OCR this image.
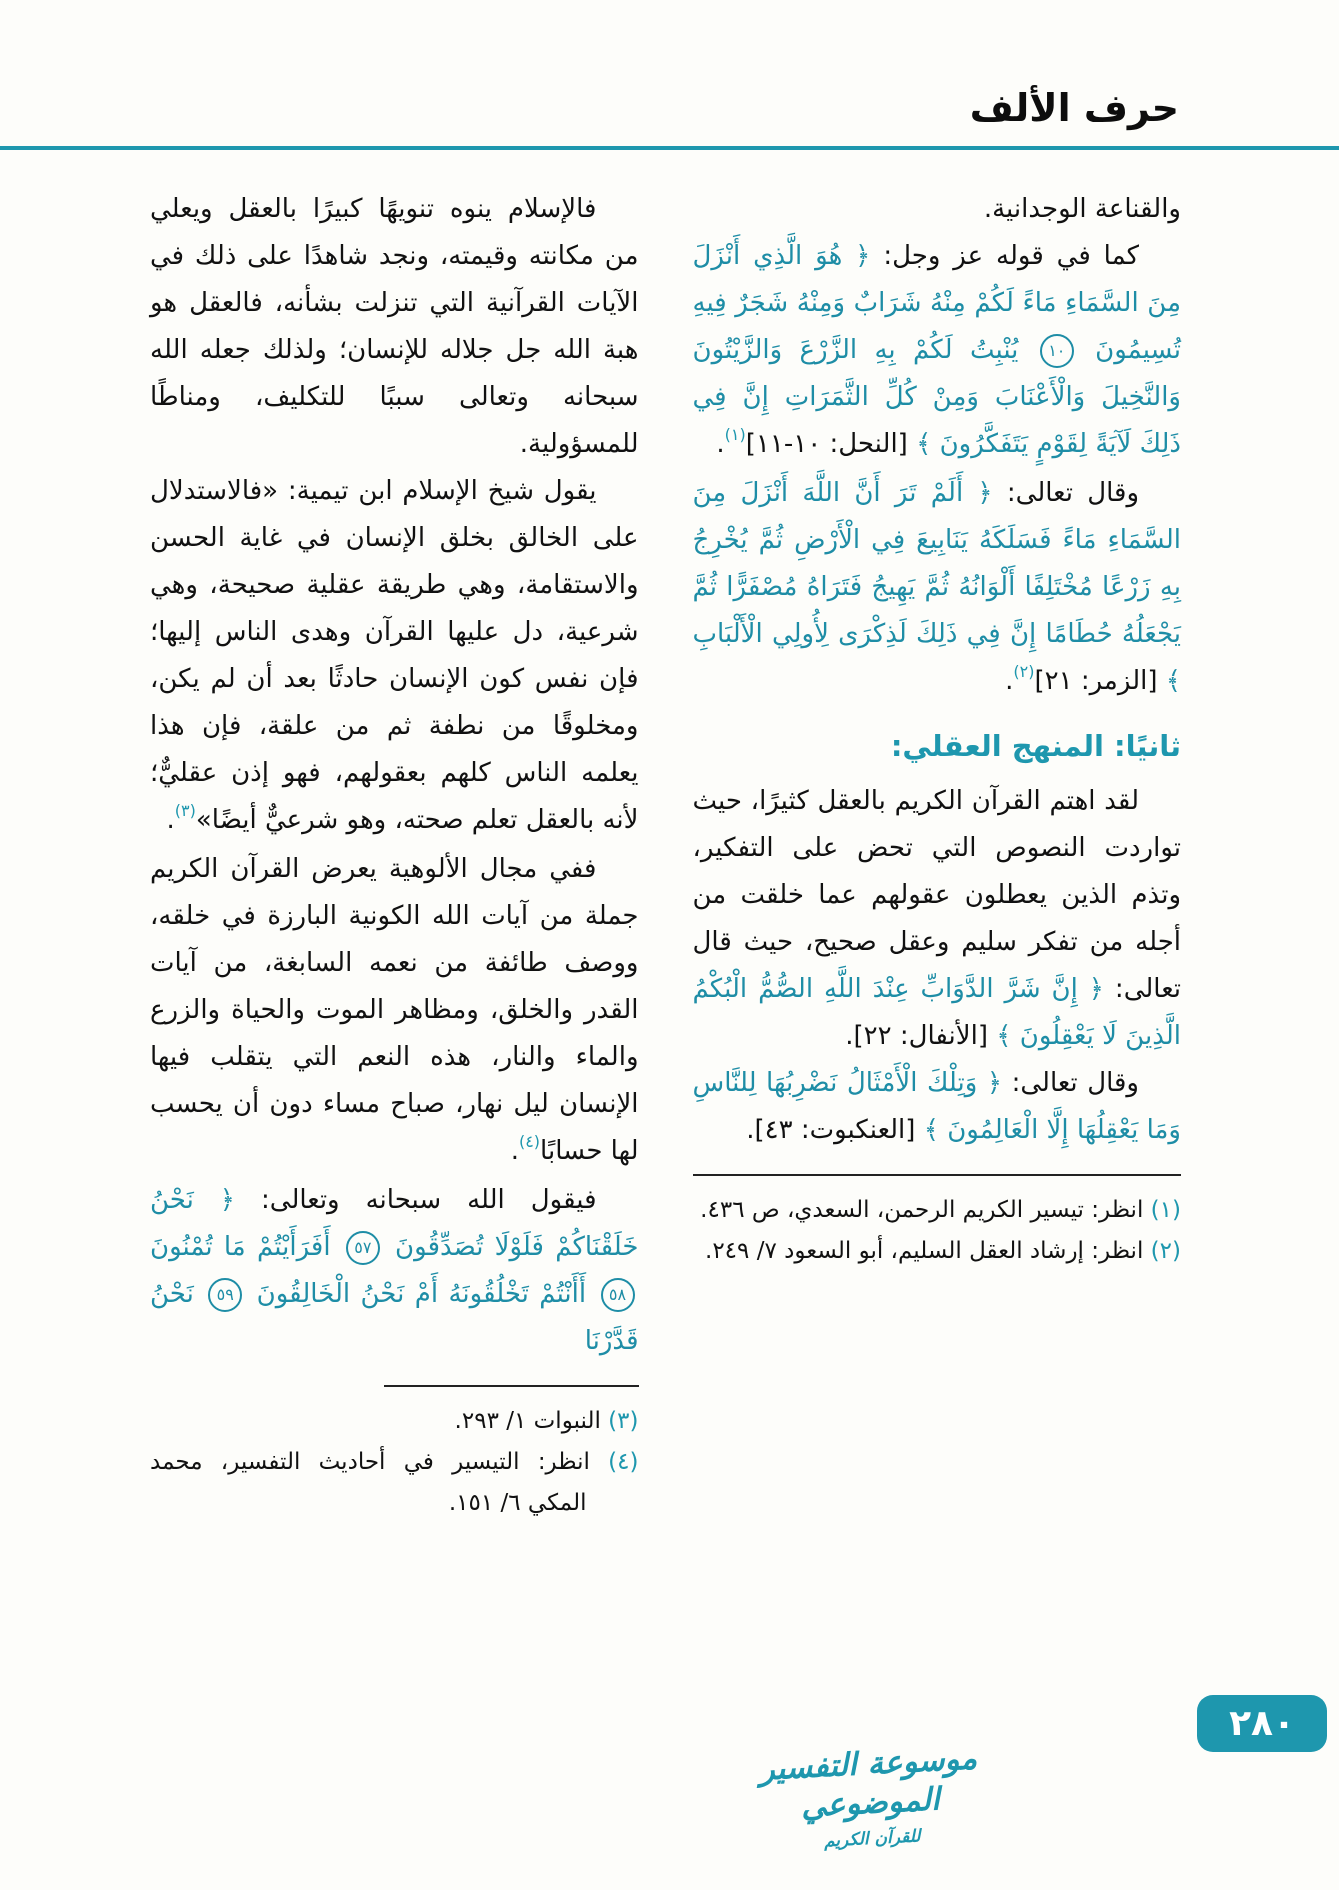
حرف الألف

والقناعة الوجدانية.

كما في قوله عز وجل: ﴿ هُوَ الَّذِي أَنْزَلَ مِنَ السَّمَاءِ مَاءً لَكُمْ مِنْهُ شَرَابٌ وَمِنْهُ شَجَرٌ فِيهِ تُسِيمُونَ ١٠ يُنْبِتُ لَكُمْ بِهِ الزَّرْعَ وَالزَّيْتُونَ وَالنَّخِيلَ وَالْأَعْنَابَ وَمِنْ كُلِّ الثَّمَرَاتِ إِنَّ فِي ذَلِكَ لَآيَةً لِقَوْمٍ يَتَفَكَّرُونَ ﴾ [النحل: ١٠-١١]$^{(١)}$.

وقال تعالى: ﴿ أَلَمْ تَرَ أَنَّ اللَّهَ أَنْزَلَ مِنَ السَّمَاءِ مَاءً فَسَلَكَهُ يَنَابِيعَ فِي الْأَرْضِ ثُمَّ يُخْرِجُ بِهِ زَرْعًا مُخْتَلِفًا أَلْوَانُهُ ثُمَّ يَهِيجُ فَتَرَاهُ مُصْفَرًّا ثُمَّ يَجْعَلُهُ حُطَامًا إِنَّ فِي ذَلِكَ لَذِكْرَى لِأُولِي الْأَلْبَابِ ﴾ [الزمر: ٢١]$^{(٢)}$.

ثانيًا: المنهج العقلي:

لقد اهتم القرآن الكريم بالعقل كثيرًا، حيث تواردت النصوص التي تحض على التفكير، وتذم الذين يعطلون عقولهم عما خلقت من أجله من تفكر سليم وعقل صحيح، حيث قال تعالى: ﴿ إِنَّ شَرَّ الدَّوَابِّ عِنْدَ اللَّهِ الصُّمُّ الْبُكْمُ الَّذِينَ لَا يَعْقِلُونَ ﴾ [الأنفال: ٢٢].

وقال تعالى: ﴿ وَتِلْكَ الْأَمْثَالُ نَضْرِبُهَا لِلنَّاسِ وَمَا يَعْقِلُهَا إِلَّا الْعَالِمُونَ ﴾ [العنكبوت: ٤٣].

(١) انظر: تيسير الكريم الرحمن، السعدي، ص ٤٣٦.

(٢) انظر: إرشاد العقل السليم، أبو السعود ٧/ ٢٤٩.

فالإسلام ينوه تنويهًا كبيرًا بالعقل ويعلي من مكانته وقيمته، ونجد شاهدًا على ذلك في الآيات القرآنية التي تنزلت بشأنه، فالعقل هو هبة الله جل جلاله للإنسان؛ ولذلك جعله الله سبحانه وتعالى سببًا للتكليف، ومناطًا للمسؤولية.

يقول شيخ الإسلام ابن تيمية: «فالاستدلال على الخالق بخلق الإنسان في غاية الحسن والاستقامة، وهي طريقة عقلية صحيحة، وهي شرعية، دل عليها القرآن وهدى الناس إليها؛ فإن نفس كون الإنسان حادثًا بعد أن لم يكن، ومخلوقًا من نطفة ثم من علقة، فإن هذا يعلمه الناس كلهم بعقولهم، فهو إذن عقليٌّ؛ لأنه بالعقل تعلم صحته، وهو شرعيٌّ أيضًا»$^{(٣)}$.

ففي مجال الألوهية يعرض القرآن الكريم جملة من آيات الله الكونية البارزة في خلقه، ووصف طائفة من نعمه السابغة، من آيات القدر والخلق، ومظاهر الموت والحياة والزرع والماء والنار، هذه النعم التي يتقلب فيها الإنسان ليل نهار، صباح مساء دون أن يحسب لها حسابًا$^{(٤)}$.

فيقول الله سبحانه وتعالى: ﴿ نَحْنُ خَلَقْنَاكُمْ فَلَوْلَا تُصَدِّقُونَ ٥٧ أَفَرَأَيْتُمْ مَا تُمْنُونَ ٥٨ أَأَنْتُمْ تَخْلُقُونَهُ أَمْ نَحْنُ الْخَالِقُونَ ٥٩ نَحْنُ قَدَّرْنَا

(٣) النبوات ١/ ٢٩٣.

(٤) انظر: التيسير في أحاديث التفسير، محمد المكي ٦/ ١٥١.

موسوعة التفسير الموضوعي
للقرآن الكريم
٢٨٠
